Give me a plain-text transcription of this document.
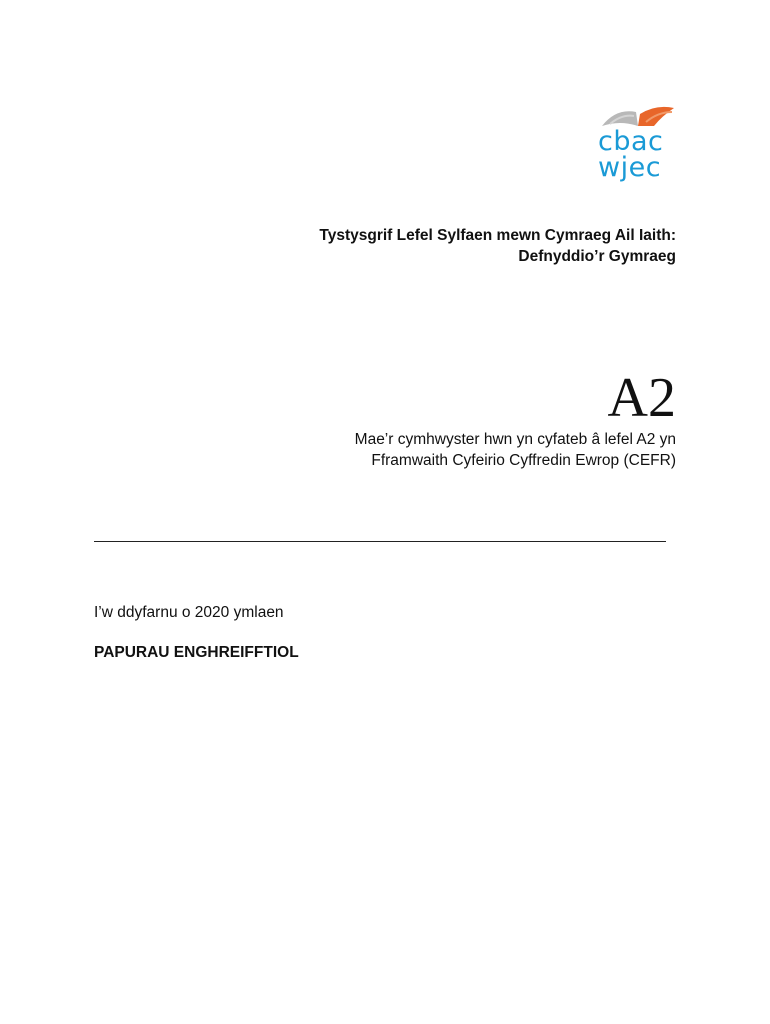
cbac
wjec
Tystysgrif Lefel Sylfaen mewn Cymraeg Ail Iaith:
Defnyddio’r Gymraeg
A2
Mae’r cymhwyster hwn yn cyfateb â lefel A2 yn
Fframwaith Cyfeirio Cyffredin Ewrop (CEFR)
I’w ddyfarnu o 2020 ymlaen
PAPURAU ENGHREIFFTIOL
